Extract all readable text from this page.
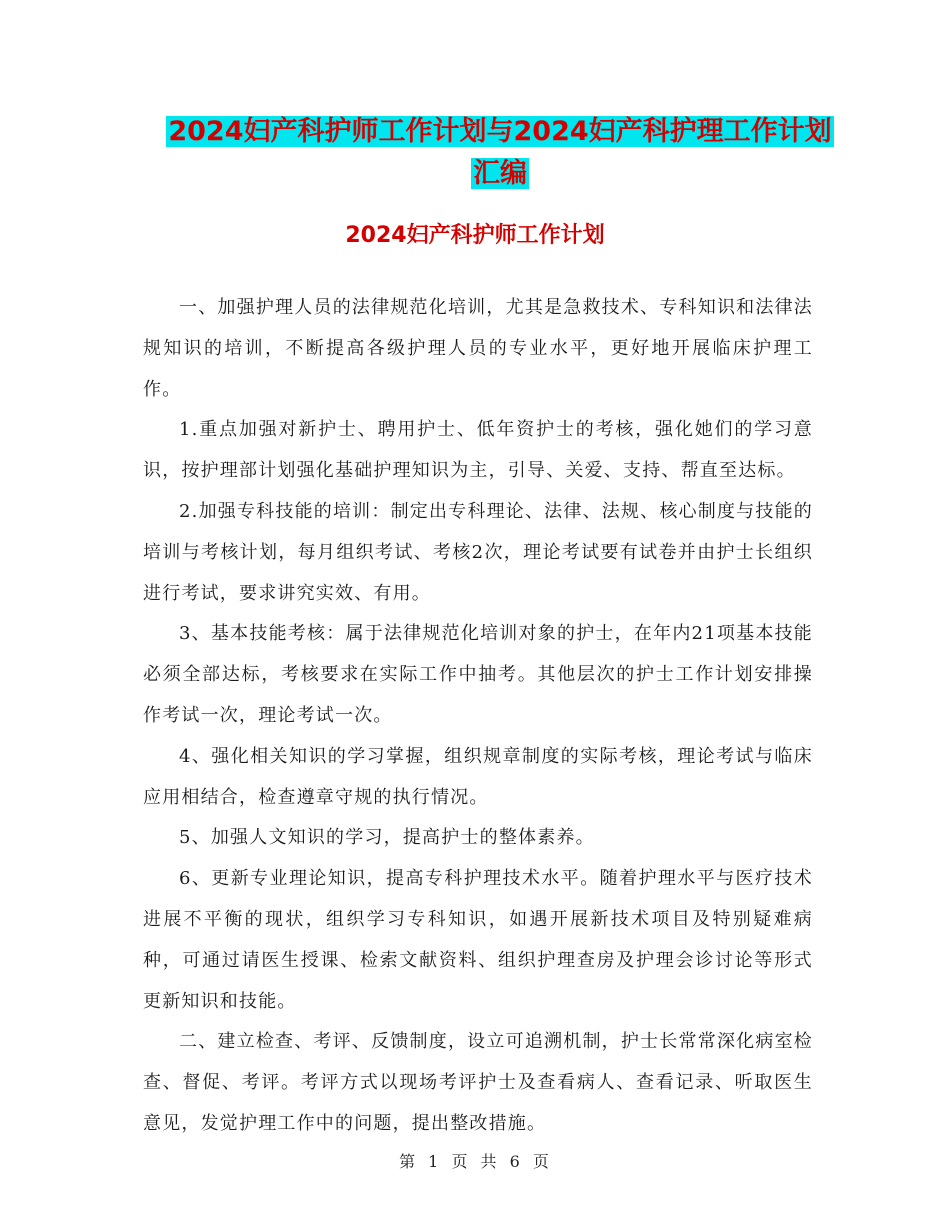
2024妇产科护师工作计划与2024妇产科护理工作计划
汇编
2024妇产科护师工作计划

一、加强护理人员的法律规范化培训，尤其是急救技术、专科知识和法律法规知识的培训，不断提高各级护理人员的专业水平，更好地开展临床护理工作。

1.重点加强对新护士、聘用护士、低年资护士的考核，强化她们的学习意识，按护理部计划强化基础护理知识为主，引导、关爱、支持、帮直至达标。

2.加强专科技能的培训：制定出专科理论、法律、法规、核心制度与技能的培训与考核计划，每月组织考试、考核2次，理论考试要有试卷并由护士长组织进行考试，要求讲究实效、有用。

3、基本技能考核：属于法律规范化培训对象的护士，在年内21项基本技能必须全部达标，考核要求在实际工作中抽考。其他层次的护士工作计划安排操作考试一次，理论考试一次。

4、强化相关知识的学习掌握，组织规章制度的实际考核，理论考试与临床应用相结合，检查遵章守规的执行情况。

5、加强人文知识的学习，提高护士的整体素养。

6、更新专业理论知识，提高专科护理技术水平。随着护理水平与医疗技术进展不平衡的现状，组织学习专科知识，如遇开展新技术项目及特别疑难病种，可通过请医生授课、检索文献资料、组织护理查房及护理会诊讨论等形式更新知识和技能。

二、建立检查、考评、反馈制度，设立可追溯机制，护士长常常深化病室检查、督促、考评。考评方式以现场考评护士及查看病人、查看记录、听取医生意见，发觉护理工作中的问题，提出整改措施。

第 1 页 共 6 页
